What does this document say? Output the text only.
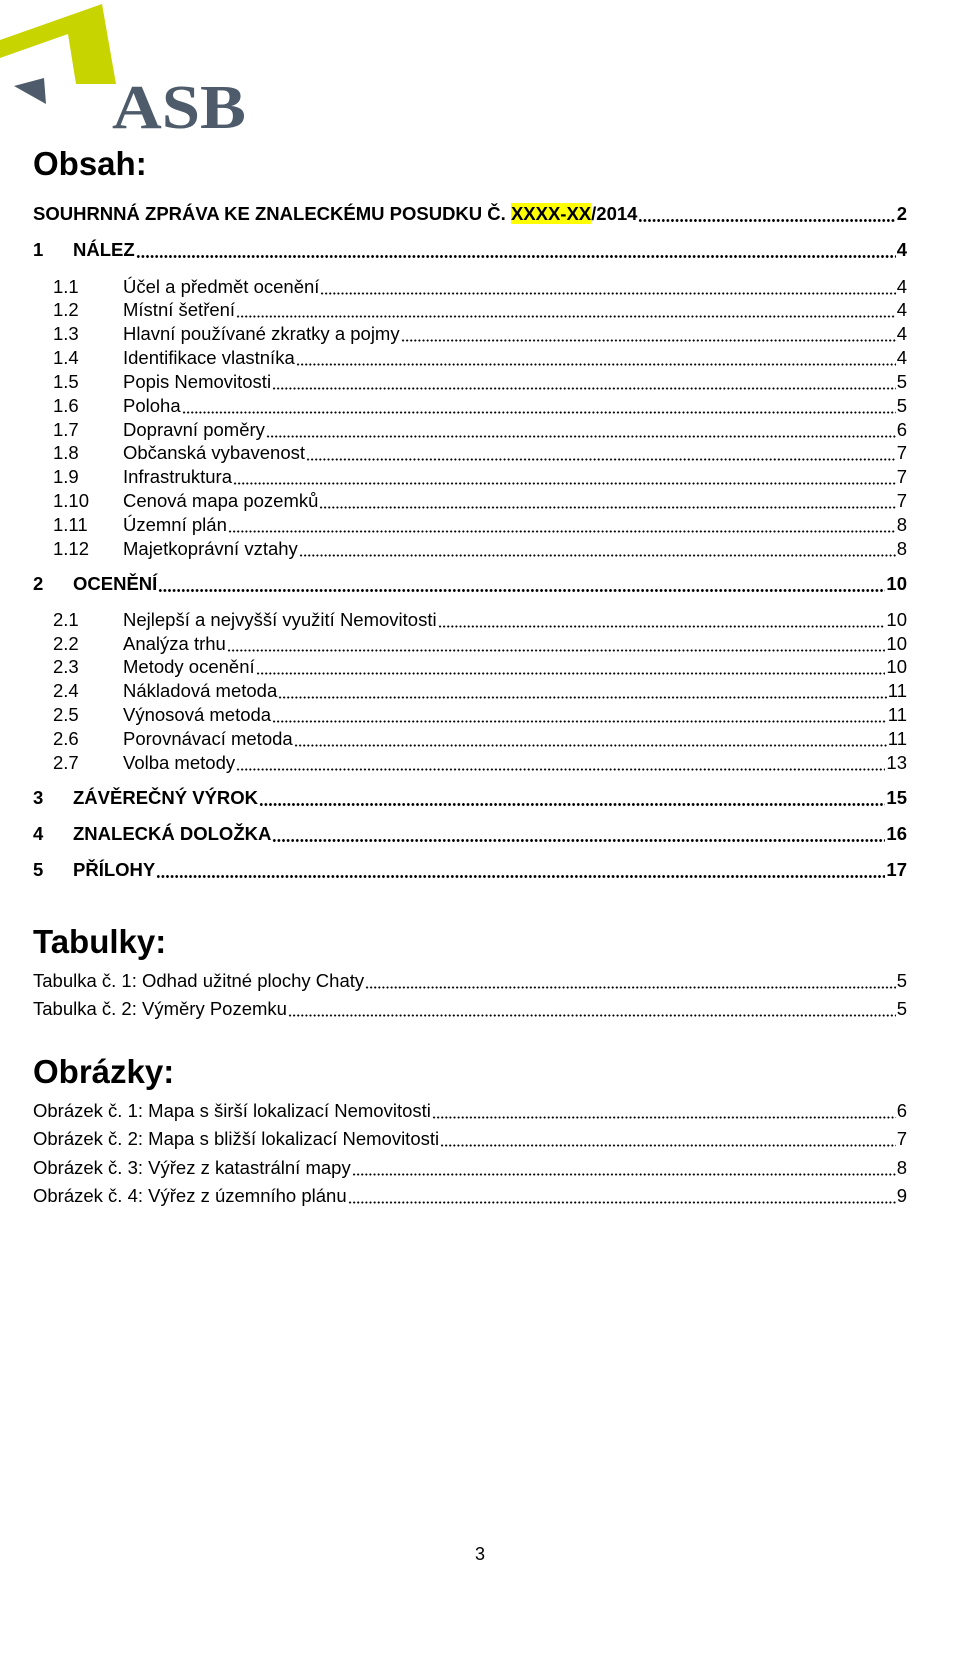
ASB
Obsah:
SOUHRNNÁ ZPRÁVA KE ZNALECKÉMU POSUDKU Č. XXXX-XX/2014	2
1	NÁLEZ	4
1.1	Účel a předmět ocenění	4
1.2	Místní šetření	4
1.3	Hlavní používané zkratky a pojmy	4
1.4	Identifikace vlastníka	4
1.5	Popis Nemovitosti	5
1.6	Poloha	5
1.7	Dopravní poměry	6
1.8	Občanská vybavenost	7
1.9	Infrastruktura	7
1.10	Cenová mapa pozemků	7
1.11	Územní plán	8
1.12	Majetkoprávní vztahy	8
2	OCENĚNÍ	10
2.1	Nejlepší a nejvyšší využití Nemovitosti	10
2.2	Analýza trhu	10
2.3	Metody ocenění	10
2.4	Nákladová metoda	11
2.5	Výnosová metoda	11
2.6	Porovnávací metoda	11
2.7	Volba metody	13
3	ZÁVĚREČNÝ VÝROK	15
4	ZNALECKÁ DOLOŽKA	16
5	PŘÍLOHY	17
Tabulky:
Tabulka č. 1: Odhad užitné plochy Chaty	5
Tabulka č. 2: Výměry Pozemku	5
Obrázky:
Obrázek č. 1: Mapa s širší lokalizací Nemovitosti	6
Obrázek č. 2: Mapa s bližší lokalizací Nemovitosti	7
Obrázek č. 3: Výřez z katastrální mapy	8
Obrázek č. 4: Výřez z územního plánu	9
3
